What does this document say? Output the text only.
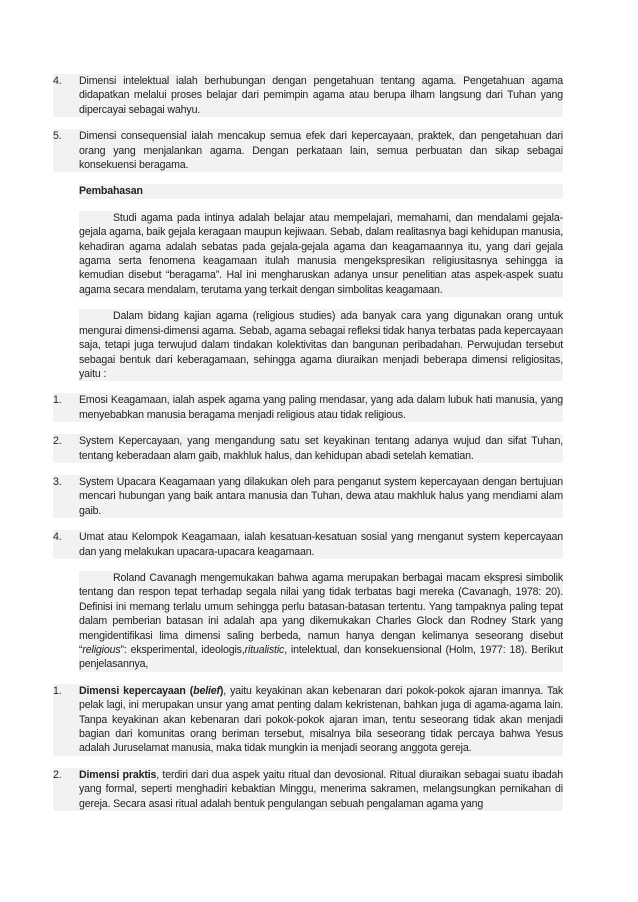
4. Dimensi intelektual ialah berhubungan dengan pengetahuan tentang agama. Pengetahuan agama didapatkan melalui proses belajar dari pemimpin agama atau berupa ilham langsung dari Tuhan yang dipercayai sebagai wahyu.

5. Dimensi consequensial ialah mencakup semua efek dari kepercayaan, praktek, dan pengetahuan dari orang yang menjalankan agama. Dengan perkataan lain, semua perbuatan dan sikap sebagai konsekuensi beragama.

Pembahasan

Studi agama pada intinya adalah belajar atau mempelajari, memahami, dan mendalami gejala-gejala agama, baik gejala keragaan maupun kejiwaan. Sebab, dalam realitasnya bagi kehidupan manusia, kehadiran agama adalah sebatas pada gejala-gejala agama dan keagamaannya itu, yang dari gejala agama serta fenomena keagamaan itulah manusia mengekspresikan religiusitasnya sehingga ia kemudian disebut “beragama”. Hal ini mengharuskan adanya unsur penelitian atas aspek-aspek suatu agama secara mendalam, terutama yang terkait dengan simbolitas keagamaan.

Dalam bidang kajian agama (religious studies) ada banyak cara yang digunakan orang untuk mengurai dimensi-dimensi agama. Sebab, agama sebagai refleksi tidak hanya terbatas pada kepercayaan saja, tetapi juga terwujud dalam tindakan kolektivitas dan bangunan peribadahan. Perwujudan tersebut sebagai bentuk dari keberagamaan, sehingga agama diuraikan menjadi beberapa dimensi religiositas, yaitu :

1. Emosi Keagamaan, ialah aspek agama yang paling mendasar, yang ada dalam lubuk hati manusia, yang menyebabkan manusia beragama menjadi religious atau tidak religious.

2. System Kepercayaan, yang mengandung satu set keyakinan tentang adanya wujud dan sifat Tuhan, tentang keberadaan alam gaib, makhluk halus, dan kehidupan abadi setelah kematian.

3. System Upacara Keagamaan yang dilakukan oleh para penganut system kepercayaan dengan bertujuan mencari hubungan yang baik antara manusia dan Tuhan, dewa atau makhluk halus yang mendiami alam gaib.

4. Umat atau Kelompok Keagamaan, ialah kesatuan-kesatuan sosial yang menganut system kepercayaan dan yang melakukan upacara-upacara keagamaan.

Roland Cavanagh mengemukakan bahwa agama merupakan berbagai macam ekspresi simbolik tentang dan respon tepat terhadap segala nilai yang tidak terbatas bagi mereka (Cavanagh, 1978: 20). Definisi ini memang terlalu umum sehingga perlu batasan-batasan tertentu. Yang tampaknya paling tepat dalam pemberian batasan ini adalah apa yang dikemukakan Charles Glock dan Rodney Stark yang mengidentifikasi lima dimensi saling berbeda, namun hanya dengan kelimanya seseorang disebut “religious”: eksperimental, ideologis,ritualistic, intelektual, dan konsekuensional (Holm, 1977: 18). Berikut penjelasannya,

1. Dimensi kepercayaan (belief), yaitu keyakinan akan kebenaran dari pokok-pokok ajaran imannya. Tak pelak lagi, ini merupakan unsur yang amat penting dalam kekristenan, bahkan juga di agama-agama lain. Tanpa keyakinan akan kebenaran dari pokok-pokok ajaran iman, tentu seseorang tidak akan menjadi bagian dari komunitas orang beriman tersebut, misalnya bila seseorang tidak percaya bahwa Yesus adalah Juruselamat manusia, maka tidak mungkin ia menjadi seorang anggota gereja.

2. Dimensi praktis, terdiri dari dua aspek yaitu ritual dan devosional. Ritual diuraikan sebagai suatu ibadah yang formal, seperti menghadiri kebaktian Minggu, menerima sakramen, melangsungkan pernikahan di gereja. Secara asasi ritual adalah bentuk pengulangan sebuah pengalaman agama yang
